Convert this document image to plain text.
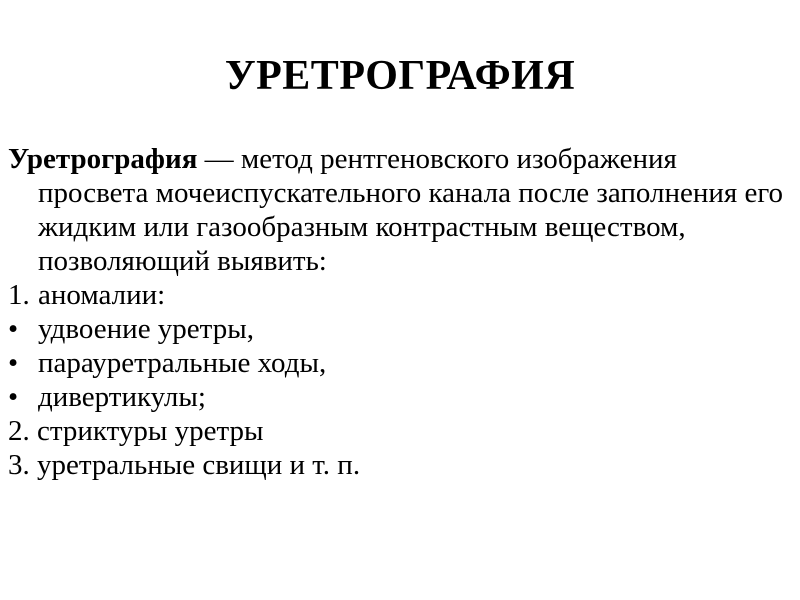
УРЕТРОГРАФИЯ

Уретрография — метод рентгеновского изображения просвета мочеиспускательного канала после заполнения его жидким или газообразным контрастным веществом, позволяющий выявить:

1. аномалии:
• удвоение уретры,
• парауретральные ходы,
• дивертикулы;

2. стриктуры уретры

3. уретральные свищи и т. п.
